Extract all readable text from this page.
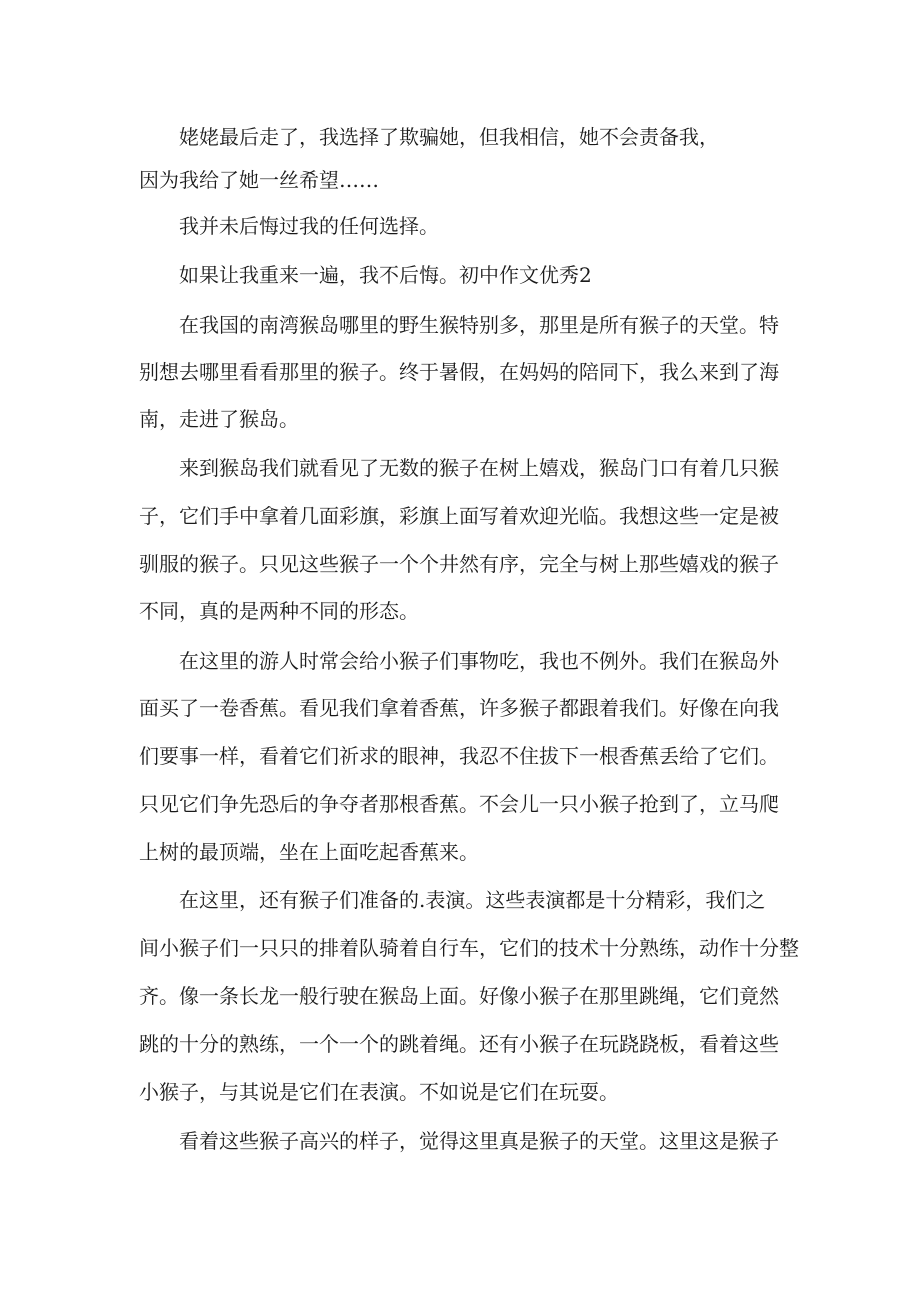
姥姥最后走了，我选择了欺骗她，但我相信，她不会责备我，
因为我给了她一丝希望……
我并未后悔过我的任何选择。
如果让我重来一遍，我不后悔。初中作文优秀2
在我国的南湾猴岛哪里的野生猴特别多，那里是所有猴子的天堂。特
别想去哪里看看那里的猴子。终于暑假，在妈妈的陪同下，我么来到了海
南，走进了猴岛。
来到猴岛我们就看见了无数的猴子在树上嬉戏，猴岛门口有着几只猴
子，它们手中拿着几面彩旗，彩旗上面写着欢迎光临。我想这些一定是被
驯服的猴子。只见这些猴子一个个井然有序，完全与树上那些嬉戏的猴子
不同，真的是两种不同的形态。
在这里的游人时常会给小猴子们事物吃，我也不例外。我们在猴岛外
面买了一卷香蕉。看见我们拿着香蕉，许多猴子都跟着我们。好像在向我
们要事一样，看着它们祈求的眼神，我忍不住拔下一根香蕉丢给了它们。
只见它们争先恐后的争夺者那根香蕉。不会儿一只小猴子抢到了，立马爬
上树的最顶端，坐在上面吃起香蕉来。
在这里，还有猴子们准备的.表演。这些表演都是十分精彩，我们之
间小猴子们一只只的排着队骑着自行车，它们的技术十分熟练，动作十分整
齐。像一条长龙一般行驶在猴岛上面。好像小猴子在那里跳绳，它们竟然
跳的十分的熟练，一个一个的跳着绳。还有小猴子在玩跷跷板，看着这些
小猴子，与其说是它们在表演。不如说是它们在玩耍。
看着这些猴子高兴的样子，觉得这里真是猴子的天堂。这里这是猴子
